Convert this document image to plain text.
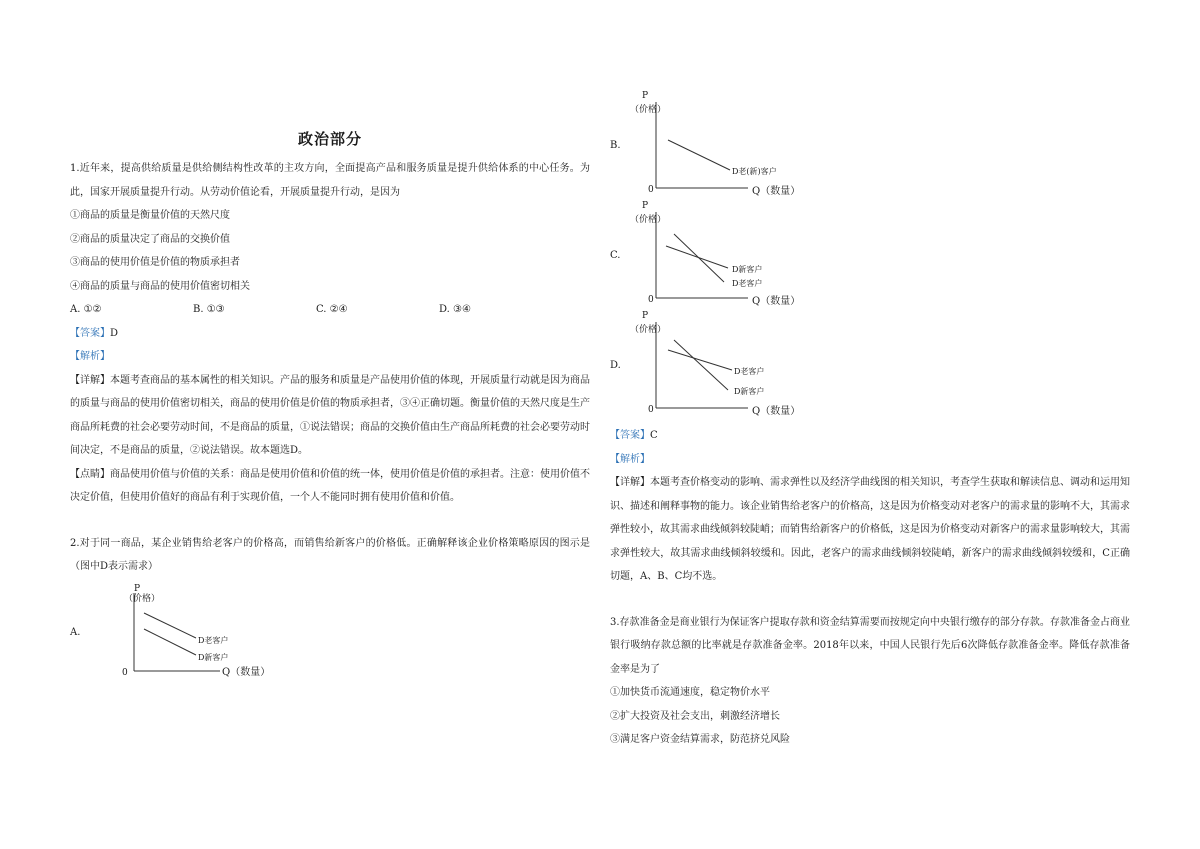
政治部分

1.近年来，提高供给质量是供给侧结构性改革的主攻方向，全面提高产品和服务质量是提升供给体系的中心任务。为此，国家开展质量提升行动。从劳动价值论看，开展质量提升行动，是因为

①商品的质量是衡量价值的天然尺度

②商品的质量决定了商品的交换价值

③商品的使用价值是价值的物质承担者

④商品的质量与商品的使用价值密切相关

A. ①②	B. ①③	C. ②④	D. ③④

【答案】D

【解析】

【详解】本题考查商品的基本属性的相关知识。产品的服务和质量是产品使用价值的体现，开展质量行动就是因为商品的质量与商品的使用价值密切相关，商品的使用价值是价值的物质承担者，③④正确切题。衡量价值的天然尺度是生产商品所耗费的社会必要劳动时间，不是商品的质量，①说法错误；商品的交换价值由生产商品所耗费的社会必要劳动时间决定，不是商品的质量，②说法错误。故本题选D。

【点睛】商品使用价值与价值的关系：商品是使用价值和价值的统一体，使用价值是价值的承担者。注意：使用价值不决定价值，但使用价值好的商品有利于实现价值，一个人不能同时拥有使用价值和价值。

2.对于同一商品，某企业销售给老客户的价格高，而销售给新客户的价格低。正确解释该企业价格策略原因的图示是（图中D表示需求）

A.
P
（价格）
0	Q（数量）
D老客户
D新客户
B.
P
（价格）
0	Q（数量）
D老(新)客户
C.
P
（价格）
0	Q（数量）
D新客户
D老客户
D.
P
（价格）
0	Q（数量）
D老客户
D新客户

【答案】C

【解析】

【详解】本题考查价格变动的影响、需求弹性以及经济学曲线图的相关知识，考查学生获取和解读信息、调动和运用知识、描述和阐释事物的能力。该企业销售给老客户的价格高，这是因为价格变动对老客户的需求量的影响不大，其需求弹性较小，故其需求曲线倾斜较陡峭；而销售给新客户的价格低，这是因为价格变动对新客户的需求量影响较大，其需求弹性较大，故其需求曲线倾斜较缓和。因此，老客户的需求曲线倾斜较陡峭，新客户的需求曲线倾斜较缓和，C正确切题，A、B、C均不选。

3.存款准备金是商业银行为保证客户提取存款和资金结算需要而按规定向中央银行缴存的部分存款。存款准备金占商业银行吸纳存款总额的比率就是存款准备金率。2018年以来，中国人民银行先后6次降低存款准备金率。降低存款准备金率是为了

①加快货币流通速度，稳定物价水平

②扩大投资及社会支出，刺激经济增长

③满足客户资金结算需求，防范挤兑风险
